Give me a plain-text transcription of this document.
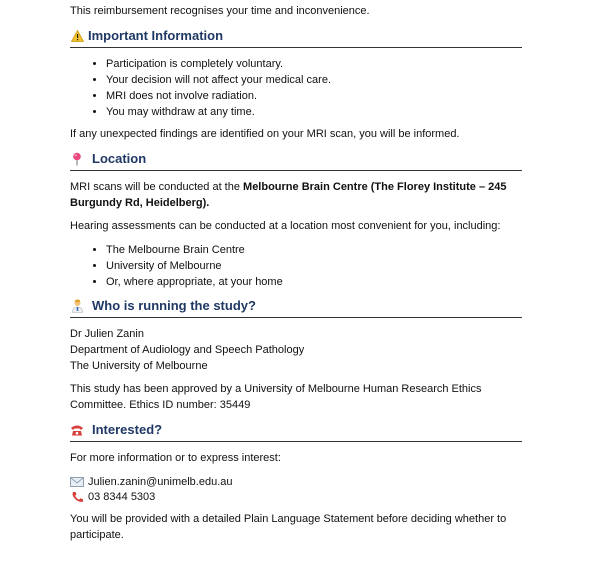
This reimbursement recognises your time and inconvenience.

Important Information
• Participation is completely voluntary.
• Your decision will not affect your medical care.
• MRI does not involve radiation.
• You may withdraw at any time.

If any unexpected findings are identified on your MRI scan, you will be informed.

Location

MRI scans will be conducted at the Melbourne Brain Centre (The Florey Institute – 245 Burgundy Rd, Heidelberg).

Hearing assessments can be conducted at a location most convenient for you, including:

• The Melbourne Brain Centre
• University of Melbourne
• Or, where appropriate, at your home
Who is running the study?

Dr Julien Zanin

Department of Audiology and Speech Pathology

The University of Melbourne

This study has been approved by a University of Melbourne Human Research Ethics Committee. Ethics ID number: 35449

Interested?

For more information or to express interest:

Julien.zanin@unimelb.edu.au
03 8344 5303

You will be provided with a detailed Plain Language Statement before deciding whether to participate.
